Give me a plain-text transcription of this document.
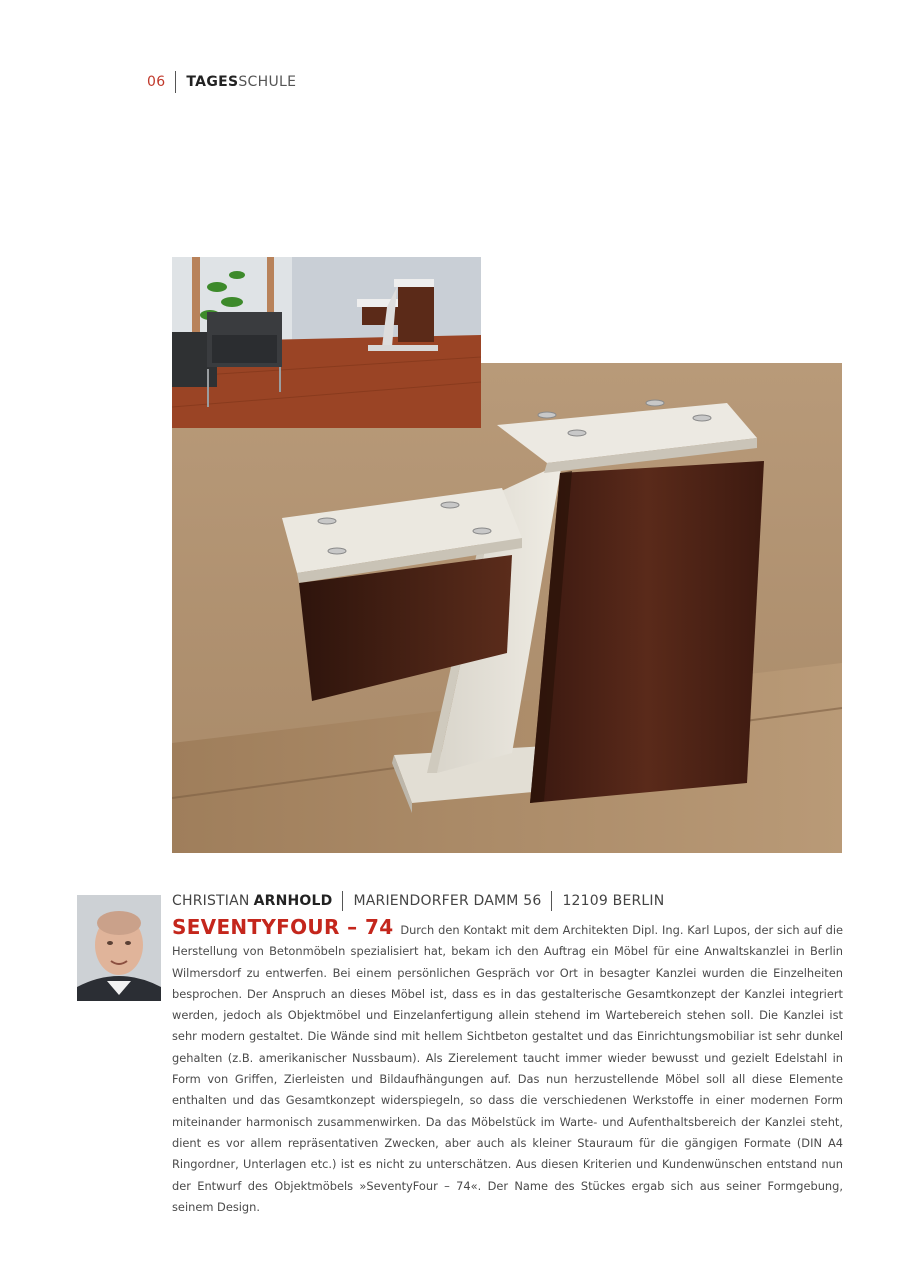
06 TAGES SCHULE
CHRISTIAN ARNHOLD MARIENDORFER DAMM 56 12109 BERLIN

SEVENTYFOUR – 74 Durch den Kontakt mit dem Architekten Dipl. Ing. Karl Lupos, der sich auf die Herstellung von Betonmöbeln spezialisiert hat, bekam ich den Auftrag ein Möbel für eine Anwaltskanzlei in Berlin Wilmersdorf zu entwerfen. Bei einem persönlichen Gespräch vor Ort in besagter Kanzlei wurden die Einzelheiten besprochen. Der Anspruch an dieses Möbel ist, dass es in das gestalterische Gesamtkonzept der Kanzlei integriert werden, jedoch als Objektmöbel und Einzelanfertigung allein stehend im Wartebereich stehen soll. Die Kanzlei ist sehr modern gestaltet. Die Wände sind mit hellem Sichtbeton gestaltet und das Einrichtungsmobiliar ist sehr dunkel gehalten (z.B. amerikanischer Nussbaum). Als Zierelement taucht immer wieder bewusst und gezielt Edelstahl in Form von Griffen, Zierleisten und Bildaufhängungen auf. Das nun herzustellende Möbel soll all diese Elemente enthalten und das Gesamtkonzept widerspiegeln, so dass die verschiedenen Werkstoffe in einer modernen Form miteinander harmonisch zusammenwirken. Da das Möbelstück im Warte- und Aufenthaltsbereich der Kanzlei steht, dient es vor allem repräsentativen Zwecken, aber auch als kleiner Stauraum für die gängigen Formate (DIN A4 Ringordner, Unterlagen etc.) ist es nicht zu unterschätzen. Aus diesen Kriterien und Kundenwünschen entstand nun der Entwurf des Objektmöbels »SeventyFour – 74«. Der Name des Stückes ergab sich aus seiner Formgebung, seinem Design.
